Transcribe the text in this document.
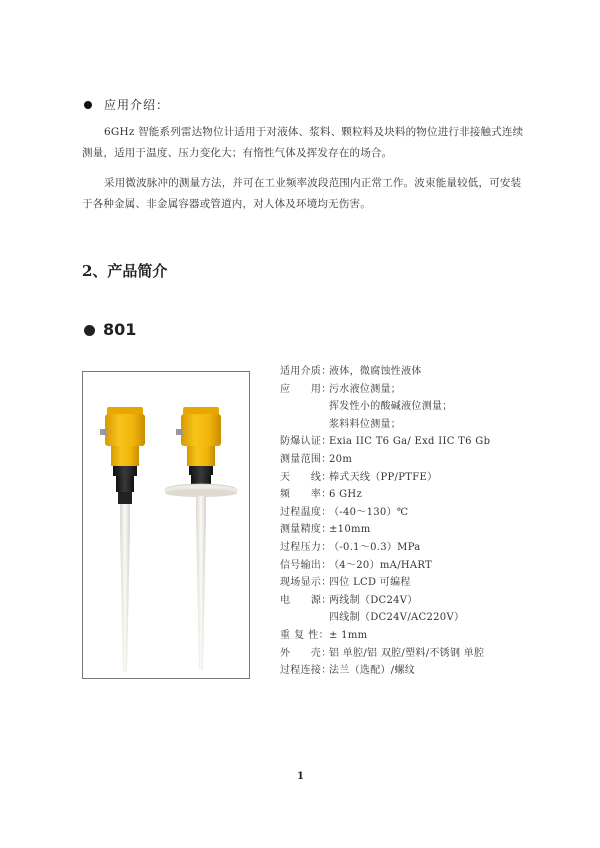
应用介绍：
6GHz 智能系列雷达物位计适用于对液体、浆料、颗粒料及块料的物位进行非接触式连续
测量，适用于温度、压力变化大；有惰性气体及挥发存在的场合。
采用微波脉冲的测量方法，并可在工业频率波段范围内正常工作。波束能量较低，可安装
于各种金属、非金属容器或管道内，对人体及环境均无伤害。
2、产品简介
801
适用介质：液体，微腐蚀性液体
应　　用：污水液位测量；
挥发性小的酸碱液位测量；
浆料料位测量；
防爆认证：Exia IIC T6 Ga/ Exd IIC T6 Gb
测量范围：20m
天　　线：棒式天线（PP/PTFE）
频　　率：6 GHz
过程温度：（-40～130）℃
测量精度：±10mm
过程压力：（-0.1～0.3）MPa
信号输出：（4～20）mA/HART
现场显示：四位 LCD 可编程
电　　源：两线制（DC24V）
四线制（DC24V/AC220V）
重 复 性：± 1mm
外　　壳：铝 单腔/铝 双腔/塑料/不锈钢 单腔
过程连接：法兰（选配）/螺纹
1
